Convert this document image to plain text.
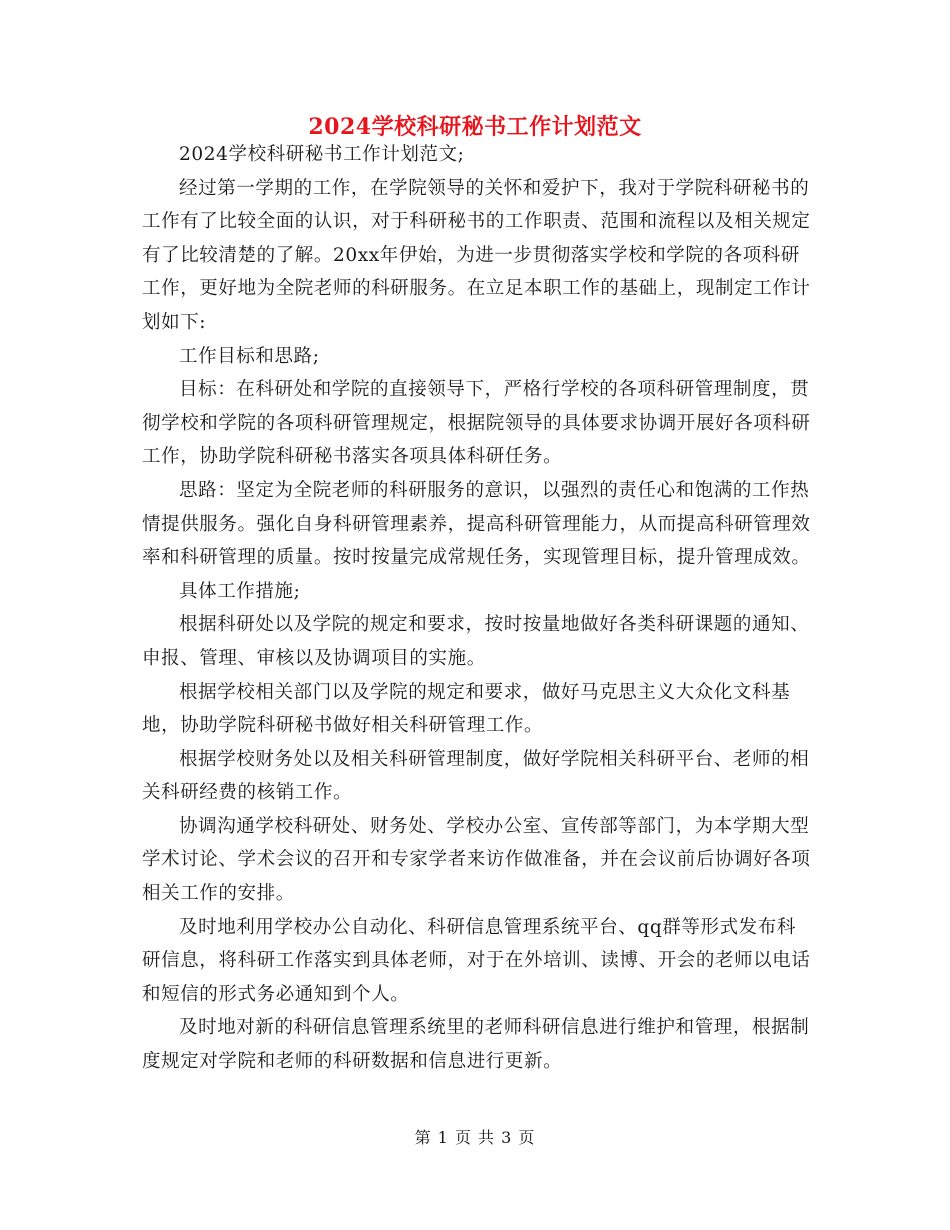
2024学校科研秘书工作计划范文

2024学校科研秘书工作计划范文;

经过第一学期的工作，在学院领导的关怀和爱护下，我对于学院科研秘书的工作有了比较全面的认识，对于科研秘书的工作职责、范围和流程以及相关规定有了比较清楚的了解。20xx年伊始，为进一步贯彻落实学校和学院的各项科研工作，更好地为全院老师的科研服务。在立足本职工作的基础上，现制定工作计划如下:

工作目标和思路;

目标：在科研处和学院的直接领导下，严格行学校的各项科研管理制度，贯彻学校和学院的各项科研管理规定，根据院领导的具体要求协调开展好各项科研工作，协助学院科研秘书落实各项具体科研任务。

思路：坚定为全院老师的科研服务的意识，以强烈的责任心和饱满的工作热情提供服务。强化自身科研管理素养，提高科研管理能力，从而提高科研管理效率和科研管理的质量。按时按量完成常规任务，实现管理目标，提升管理成效。

具体工作措施;

根据科研处以及学院的规定和要求，按时按量地做好各类科研课题的通知、申报、管理、审核以及协调项目的实施。

根据学校相关部门以及学院的规定和要求，做好马克思主义大众化文科基地，协助学院科研秘书做好相关科研管理工作。

根据学校财务处以及相关科研管理制度，做好学院相关科研平台、老师的相关科研经费的核销工作。

协调沟通学校科研处、财务处、学校办公室、宣传部等部门，为本学期大型学术讨论、学术会议的召开和专家学者来访作做准备，并在会议前后协调好各项相关工作的安排。

及时地利用学校办公自动化、科研信息管理系统平台、qq群等形式发布科研信息，将科研工作落实到具体老师，对于在外培训、读博、开会的老师以电话和短信的形式务必通知到个人。

及时地对新的科研信息管理系统里的老师科研信息进行维护和管理，根据制度规定对学院和老师的科研数据和信息进行更新。

第 1 页 共 3 页
